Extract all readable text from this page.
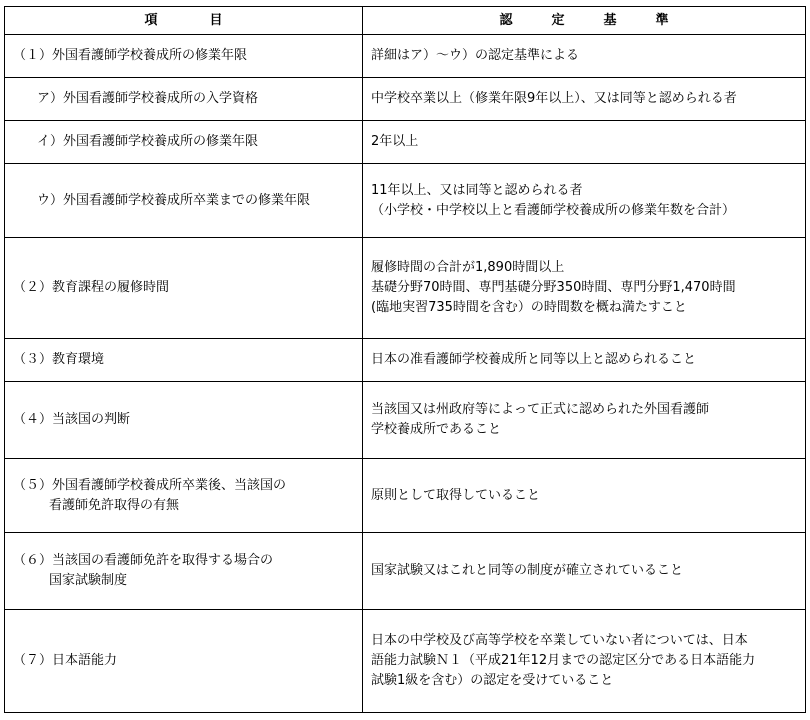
項　　　　目	認　　　定　　　基　　　準

（１）外国看護師学校養成所の修業年限	詳細はア）～ウ）の認定基準による

ア）外国看護師学校養成所の入学資格	中学校卒業以上（修業年限9年以上）、又は同等と認められる者

イ）外国看護師学校養成所の修業年限	2年以上

ウ）外国看護師学校養成所卒業までの修業年限	11年以上、又は同等と認められる者
（小学校・中学校以上と看護師学校養成所の修業年数を合計）

（２）教育課程の履修時間	履修時間の合計が1,890時間以上
基礎分野70時間、専門基礎分野350時間、専門分野1,470時間
(臨地実習735時間を含む）の時間数を概ね満たすこと

（３）教育環境	日本の准看護師学校養成所と同等以上と認められること

（４）当該国の判断	当該国又は州政府等によって正式に認められた外国看護師
学校養成所であること

（５）外国看護師学校養成所卒業後、当該国の
看護師免許取得の有無	原則として取得していること

（６）当該国の看護師免許を取得する場合の
国家試験制度	国家試験又はこれと同等の制度が確立されていること

（７）日本語能力	日本の中学校及び高等学校を卒業していない者については、日本
語能力試験Ｎ１（平成21年12月までの認定区分である日本語能力
試験1級を含む）の認定を受けていること
